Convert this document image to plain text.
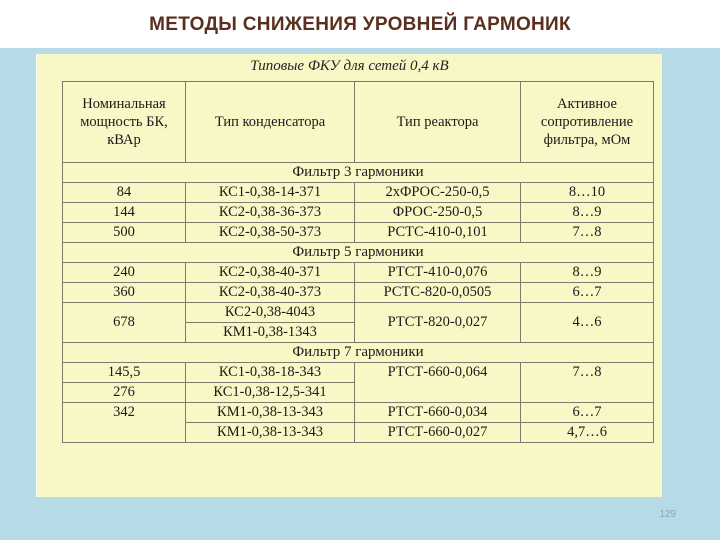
МЕТОДЫ СНИЖЕНИЯ УРОВНЕЙ ГАРМОНИК
Типовые ФКУ для сетей 0,4 кВ
Номинальная мощность БК, кВАр	Тип конденсатора	Тип реактора	Активное сопротивление фильтра, мОм
Фильтр 3 гармоники			
84	КС1-0,38-14-371	2хФРОС-250-0,5	8…10
144	КС2-0,38-36-373	ФРОС-250-0,5	8…9
500	КС2-0,38-50-373	РСТС-410-0,101	7…8
Фильтр 5 гармоники			
240	КС2-0,38-40-371	РТСТ-410-0,076	8…9
360	КС2-0,38-40-373	РСТС-820-0,0505	6…7
678	КС2-0,38-4043	РТСТ-820-0,027	4…6
	КМ1-0,38-1343		
Фильтр 7 гармоники			
145,5	КС1-0,38-18-343	РТСТ-660-0,064	7…8
276	КС1-0,38-12,5-341		
342	КМ1-0,38-13-343	РТСТ-660-0,034	6…7
	КМ1-0,38-13-343	РТСТ-660-0,027	4,7…6
129
